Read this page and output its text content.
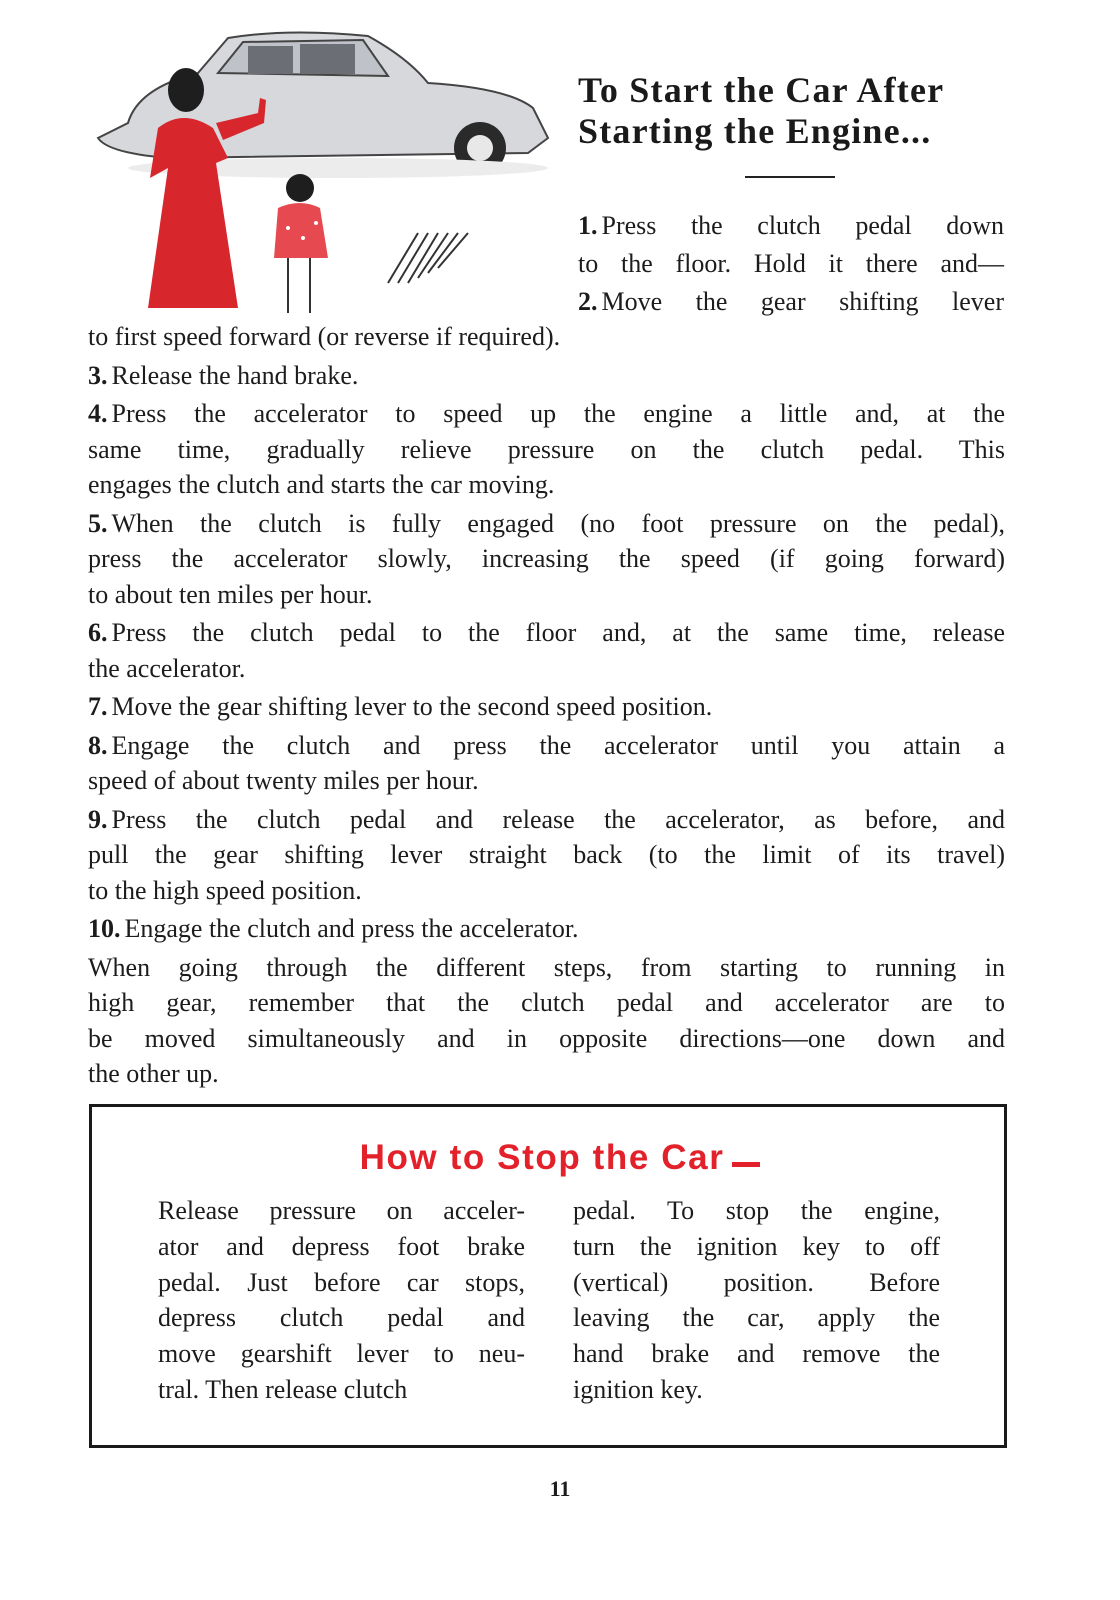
To Start the Car After
Starting the Engine...
1. Press the clutch pedal down
to the floor. Hold it there and—
2. Move the gear shifting lever
to first speed forward (or reverse if required).
3. Release the hand brake.
4. Press the accelerator to speed up the engine a little and, at the
same time, gradually relieve pressure on the clutch pedal. This
engages the clutch and starts the car moving.
5. When the clutch is fully engaged (no foot pressure on the pedal),
press the accelerator slowly, increasing the speed (if going forward)
to about ten miles per hour.
6. Press the clutch pedal to the floor and, at the same time, release
the accelerator.
7. Move the gear shifting lever to the second speed position.
8. Engage the clutch and press the accelerator until you attain a
speed of about twenty miles per hour.
9. Press the clutch pedal and release the accelerator, as before, and
pull the gear shifting lever straight back (to the limit of its travel)
to the high speed position.
10. Engage the clutch and press the accelerator.
When going through the different steps, from starting to running in
high gear, remember that the clutch pedal and accelerator are to
be moved simultaneously and in opposite directions—one down and
the other up.
How to Stop the Car
Release pressure on acceler-
ator and depress foot brake
pedal. Just before car stops,
depress clutch pedal and
move gearshift lever to neu-
tral. Then release clutch
pedal. To stop the engine,
turn the ignition key to off
(vertical) position. Before
leaving the car, apply the
hand brake and remove the
ignition key.
11
